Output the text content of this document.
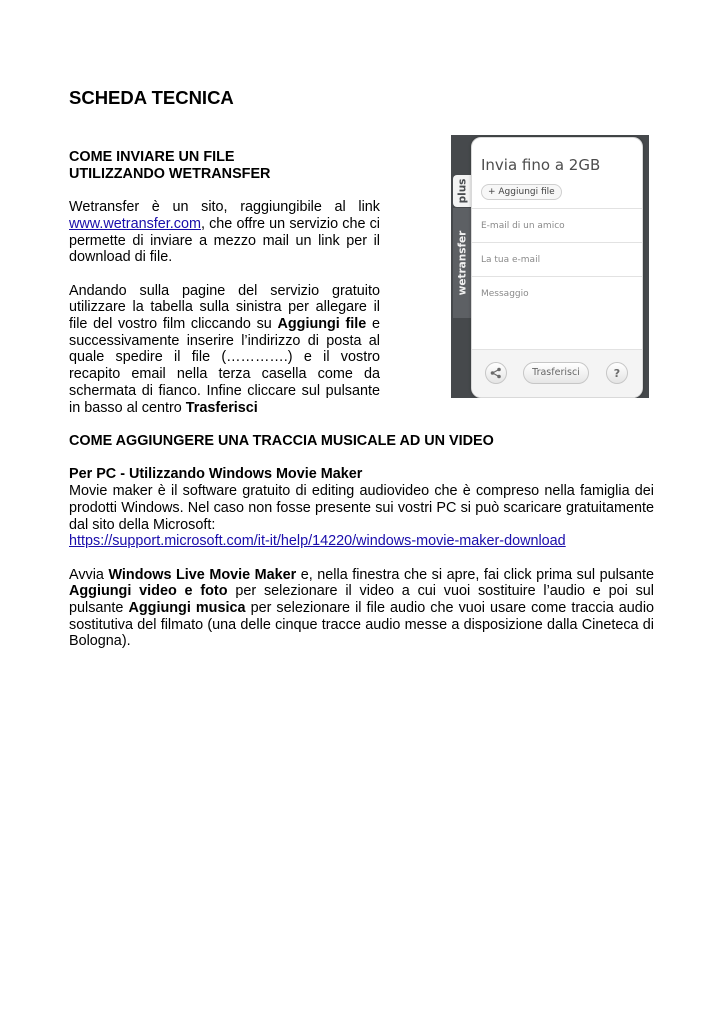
SCHEDA TECNICA

COME INVIARE UN FILE

UTILIZZANDO WETRANSFER

Wetransfer è un sito, raggiungibile al link www.wetransfer.com, che offre un servizio che ci permette di inviare a mezzo mail un link per il download di file.

Andando sulla pagine del servizio gratuito utilizzare la tabella sulla sinistra per allegare il file del vostro film cliccando su Aggiungi file e successivamente inserire l’indirizzo di posta al quale spedire il file (………….) e il vostro recapito email nella terza casella come da schermata di fianco. Infine cliccare sul pulsante in basso al centro Trasferisci

plus
wetransfer
Invia fino a 2GB
+ Aggiungi file
E-mail di un amico
La tua e-mail
Messaggio
Trasferisci	?

COME AGGIUNGERE UNA TRACCIA MUSICALE AD UN VIDEO

Per PC - Utilizzando Windows Movie Maker

Movie maker è il software gratuito di editing audiovideo che è compreso nella famiglia dei prodotti Windows. Nel caso non fosse presente sui vostri PC si può scaricare gratuitamente dal sito della Microsoft:

https://support.microsoft.com/it-it/help/14220/windows-movie-maker-download

Avvia Windows Live Movie Maker e, nella finestra che si apre, fai click prima sul pulsante Aggiungi video e foto per selezionare il video a cui vuoi sostituire l’audio e poi sul pulsante Aggiungi musica per selezionare il file audio che vuoi usare come traccia audio sostitutiva del filmato (una delle cinque tracce audio messe a disposizione dalla Cineteca di Bologna).
